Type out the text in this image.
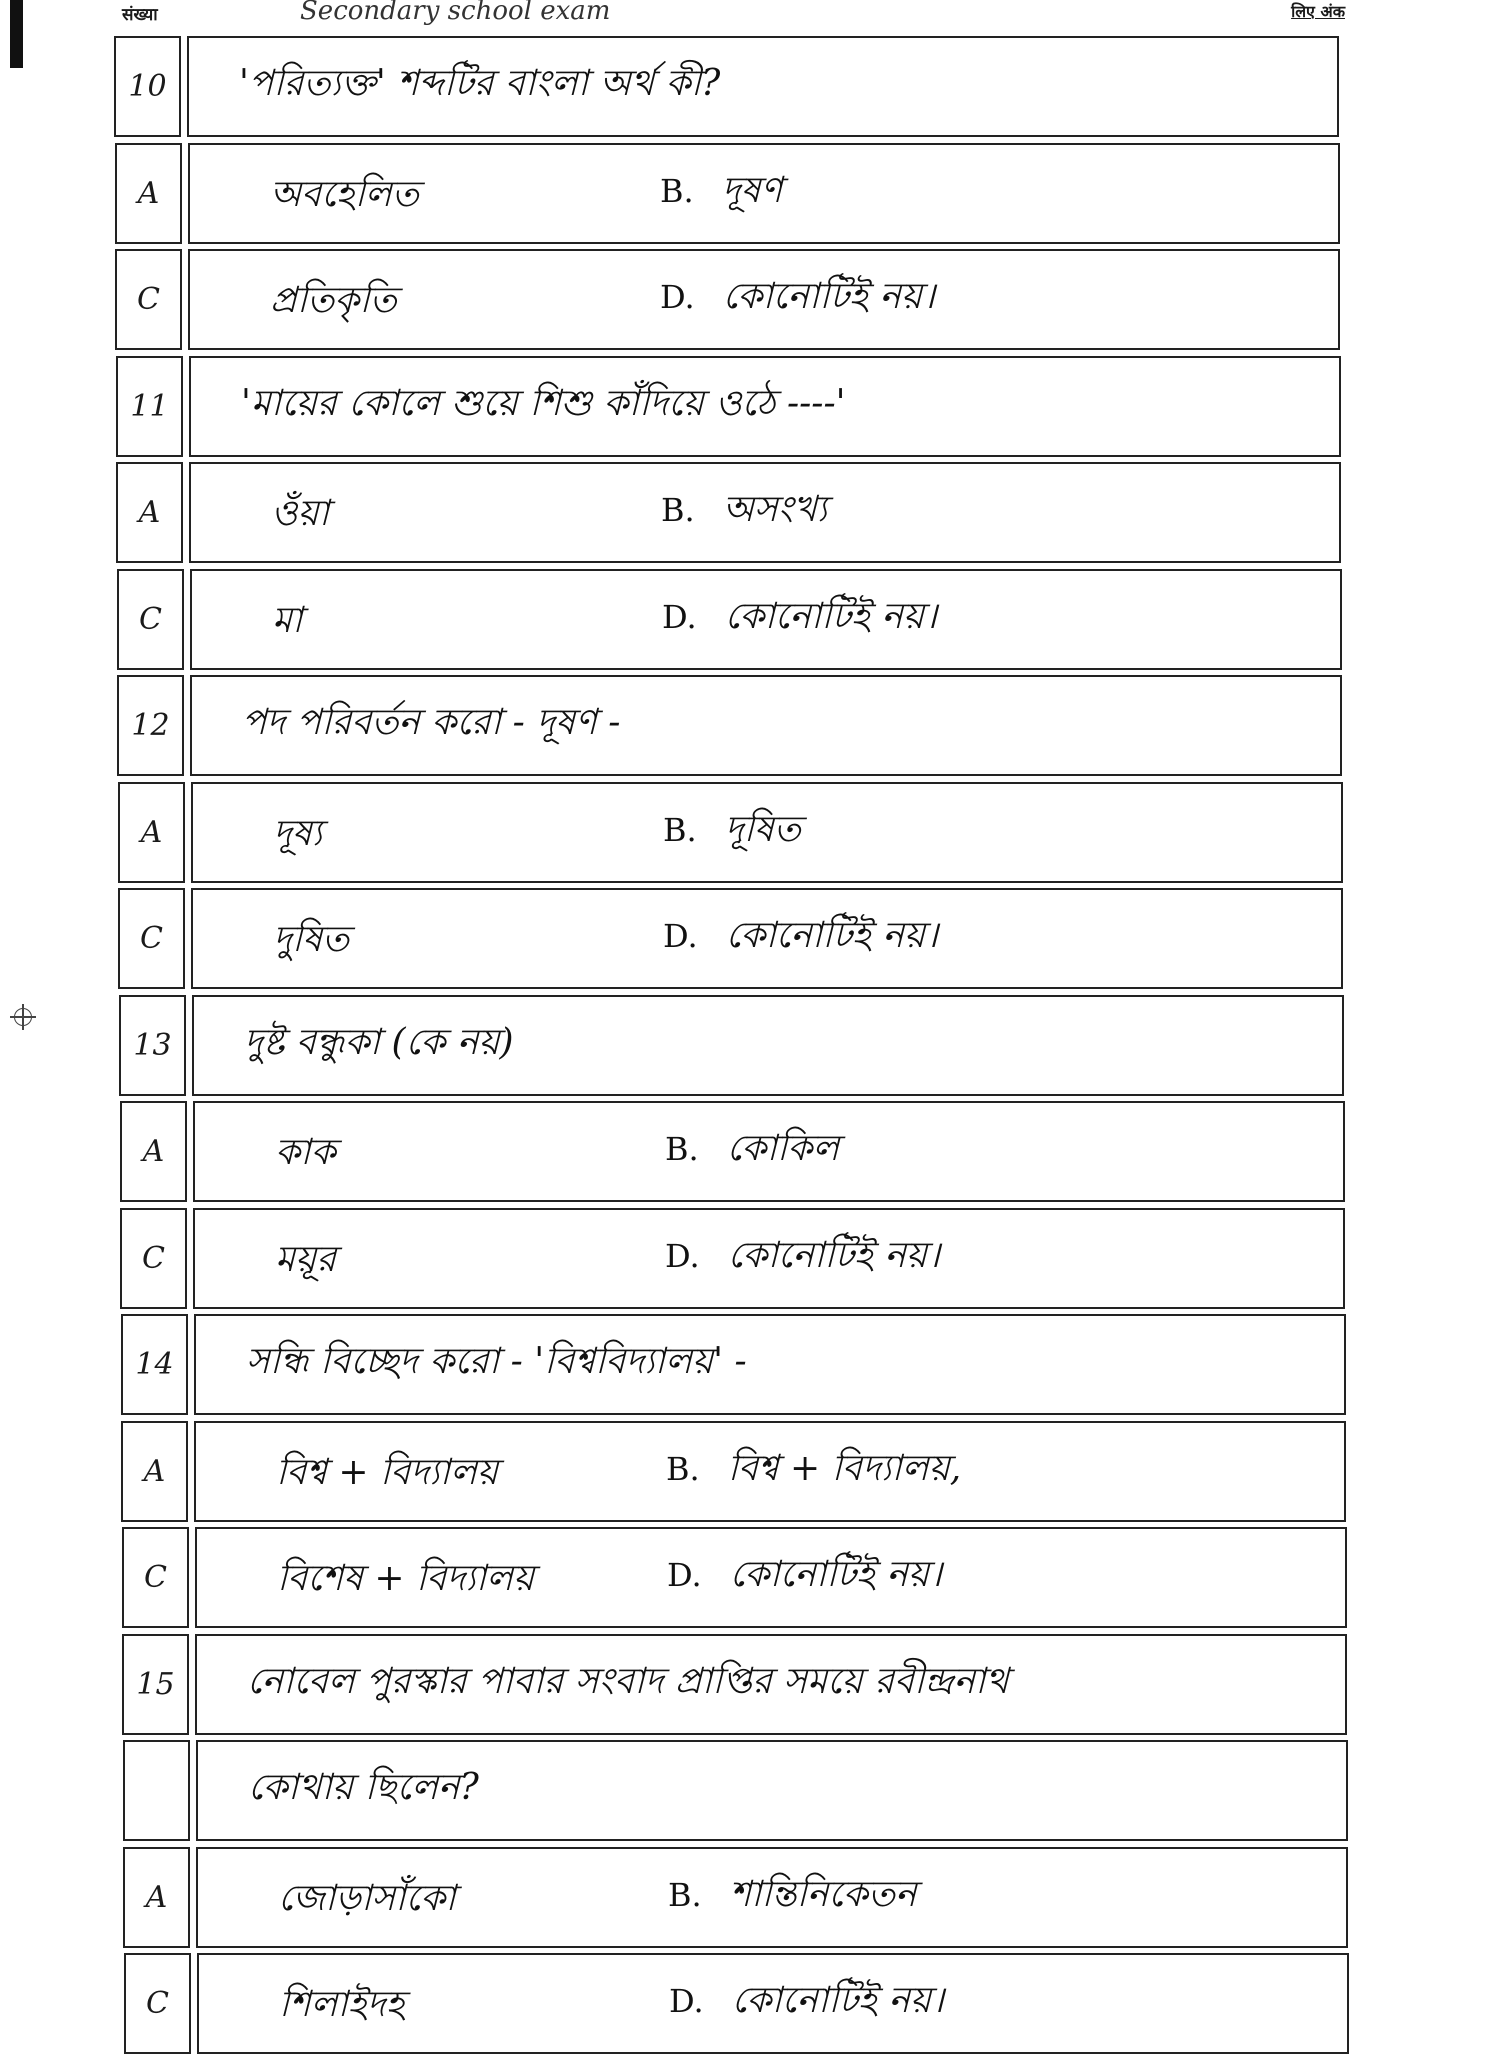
संख्या	Secondary school exam	लिए अंक
10	'পরিত্যক্ত' শব্দটির বাংলা অর্থ কী?
A	অবহেলিত	B. দূষণ
C	প্রতিকৃতি	D. কোনোটিই নয়।
11	'মায়ের কোলে শুয়ে শিশু কাঁদিয়ে ওঠে ----'
A	ওঁয়া	B. অসংখ্য
C	মা	D. কোনোটিই নয়।
12	পদ পরিবর্তন করো - দূষণ -
A	দূষ্য	B. দূষিত
C	দুষিত	D. কোনোটিই নয়।
13	দুষ্ট বন্ধুকা (কে নয়)
A	কাক	B. কোকিল
C	ময়ূর	D. কোনোটিই নয়।
14	সন্ধি বিচ্ছেদ করো - 'বিশ্ববিদ্যালয়' -
A	বিশ্ব + বিদ্যালয়	B. বিশ্ব + বিদ্যালয়,
C	বিশেষ + বিদ্যালয়	D. কোনোটিই নয়।
15	নোবেল পুরস্কার পাবার সংবাদ প্রাপ্তির সময়ে রবীন্দ্রনাথ
কোথায় ছিলেন?
A	জোড়াসাঁকো	B. শান্তিনিকেতন
C	শিলাইদহ	D. কোনোটিই নয়।
